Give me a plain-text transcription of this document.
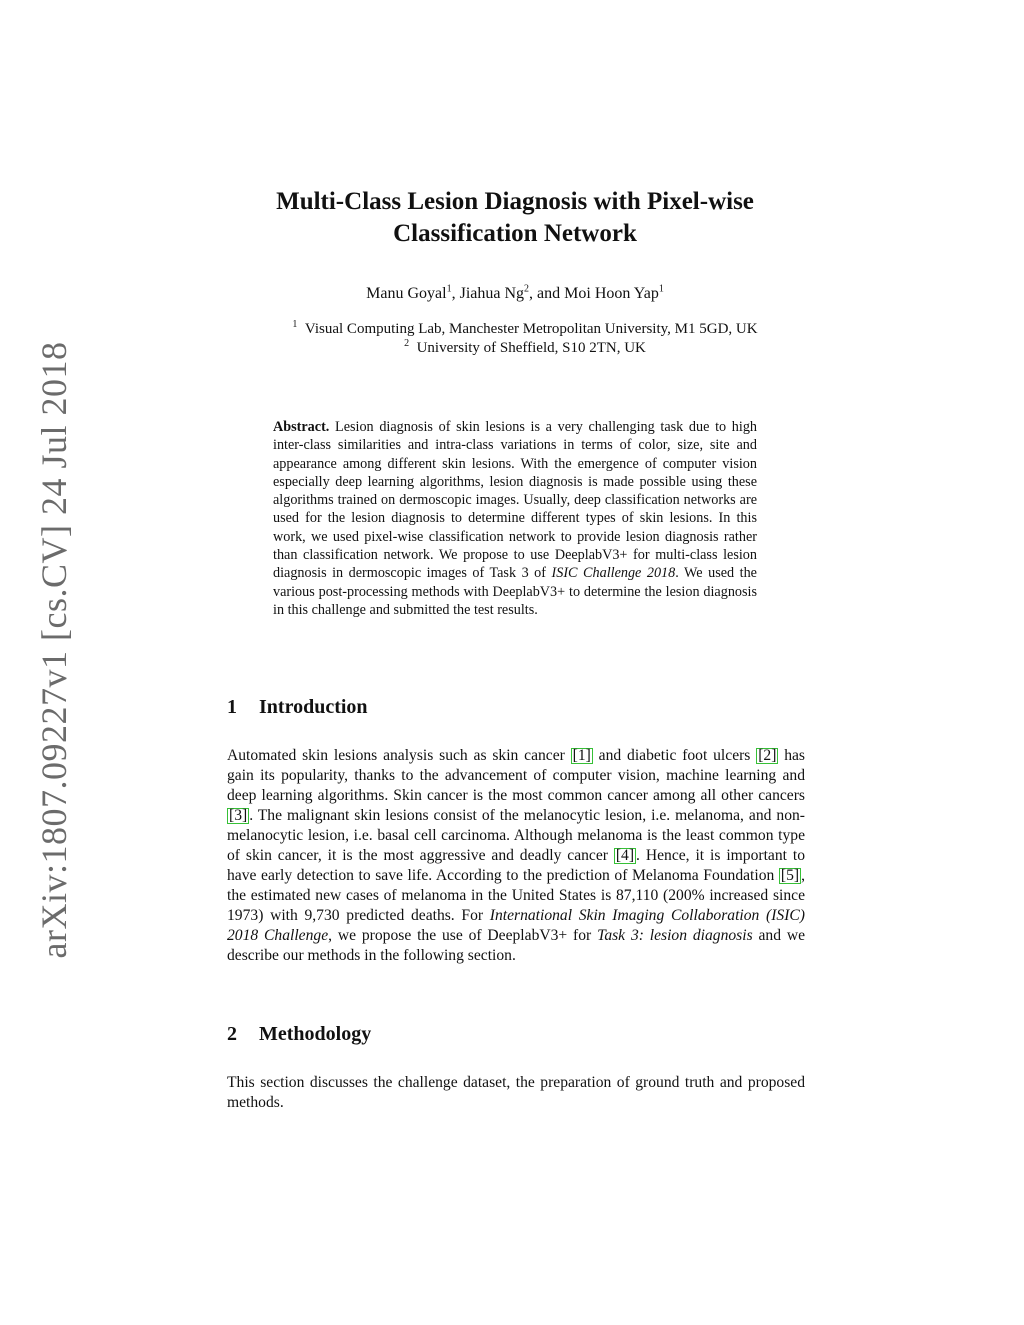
arXiv:1807.09227v1 [cs.CV] 24 Jul 2018
Multi-Class Lesion Diagnosis with Pixel-wise
Classification Network
Manu Goyal$^1$, Jiahua Ng$^2$, and Moi Hoon Yap$^1$
$^1$ Visual Computing Lab, Manchester Metropolitan University, M1 5GD, UK
$^2$ University of Sheffield, S10 2TN, UK
Abstract. Lesion diagnosis of skin lesions is a very challenging task due to high inter-class similarities and intra-class variations in terms of color, size, site and appearance among different skin lesions. With the emergence of computer vision especially deep learning algorithms, lesion diagnosis is made possible using these algorithms trained on dermoscopic images. Usually, deep classification networks are used for the lesion diagnosis to determine different types of skin lesions. In this work, we used pixel-wise classification network to provide lesion diagnosis rather than classification network. We propose to use DeeplabV3+ for multi-class lesion diagnosis in dermoscopic images of Task 3 of ISIC Challenge 2018. We used the various post-processing methods with DeeplabV3+ to determine the lesion diagnosis in this challenge and submitted the test results.
1 Introduction
Automated skin lesions analysis such as skin cancer [1] and diabetic foot ulcers [2] has gain its popularity, thanks to the advancement of computer vision, machine learning and deep learning algorithms. Skin cancer is the most common cancer among all other cancers [3] . The malignant skin lesions consist of the melanocytic lesion, i.e. melanoma, and non-melanocytic lesion, i.e. basal cell carcinoma. Although melanoma is the least common type of skin cancer, it is the most aggressive and deadly cancer [4] . Hence, it is important to have early detection to save life. According to the prediction of Melanoma Foundation [5] , the estimated new cases of melanoma in the United States is 87,110 (200% increased since 1973) with 9,730 predicted deaths. For International Skin Imaging Collaboration (ISIC) 2018 Challenge, we propose the use of DeeplabV3+ for Task 3: lesion diagnosis and we describe our methods in the following section.
2 Methodology
This section discusses the challenge dataset, the preparation of ground truth and proposed methods.
